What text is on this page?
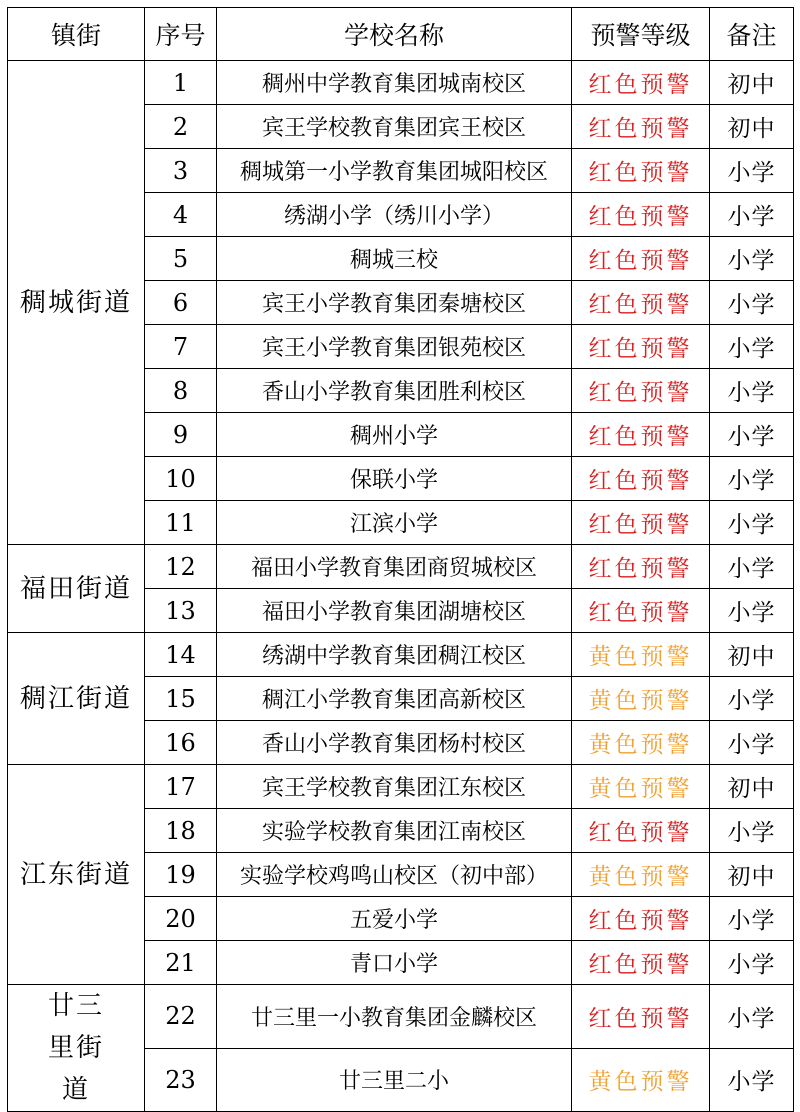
镇街	序号	学校名称	预警等级	备注
稠城街道	1	稠州中学教育集团城南校区	红色预警	初中
	2	宾王学校教育集团宾王校区	红色预警	初中
	3	稠城第一小学教育集团城阳校区	红色预警	小学
	4	绣湖小学（绣川小学）	红色预警	小学
	5	稠城三校	红色预警	小学
	6	宾王小学教育集团秦塘校区	红色预警	小学
	7	宾王小学教育集团银苑校区	红色预警	小学
	8	香山小学教育集团胜利校区	红色预警	小学
	9	稠州小学	红色预警	小学
	10	保联小学	红色预警	小学
	11	江滨小学	红色预警	小学
福田街道	12	福田小学教育集团商贸城校区	红色预警	小学
	13	福田小学教育集团湖塘校区	红色预警	小学
稠江街道	14	绣湖中学教育集团稠江校区	黄色预警	初中
	15	稠江小学教育集团高新校区	黄色预警	小学
	16	香山小学教育集团杨村校区	黄色预警	小学
江东街道	17	宾王学校教育集团江东校区	黄色预警	初中
	18	实验学校教育集团江南校区	红色预警	小学
	19	实验学校鸡鸣山校区（初中部）	黄色预警	初中
	20	五爱小学	红色预警	小学
	21	青口小学	红色预警	小学
廿三里街道	22	廿三里一小教育集团金麟校区	红色预警	小学
	23	廿三里二小	黄色预警	小学
